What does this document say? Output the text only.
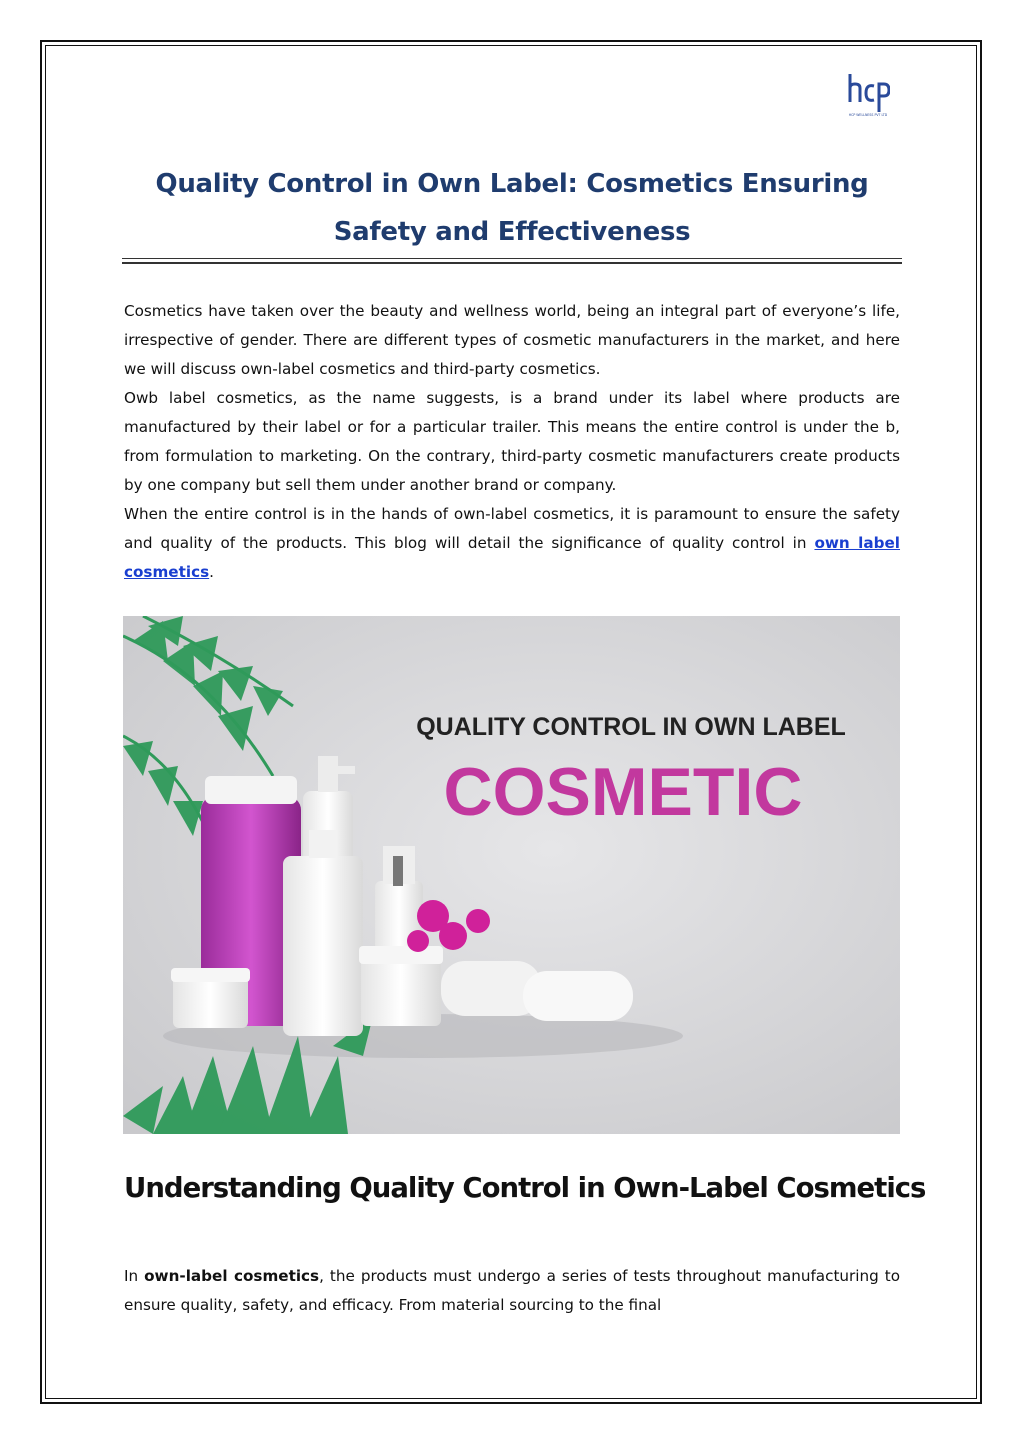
HCP WELLNESS PVT LTD
Quality Control in Own Label: Cosmetics Ensuring Safety and Effectiveness
Cosmetics have taken over the beauty and wellness world, being an integral part of everyone’s life, irrespective of gender. There are different types of cosmetic manufacturers in the market, and here we will discuss own-label cosmetics and third-party cosmetics.
Owb label cosmetics, as the name suggests, is a brand under its label where products are manufactured by their label or for a particular trailer. This means the entire control is under the b, from formulation to marketing. On the contrary, third-party cosmetic manufacturers create products by one company but sell them under another brand or company.
When the entire control is in the hands of own-label cosmetics, it is paramount to ensure the safety and quality of the products. This blog will detail the significance of quality control in own label cosmetics.
QUALITY CONTROL IN OWN LABEL
COSMETIC
Understanding Quality Control in Own-Label Cosmetics
In own-label cosmetics, the products must undergo a series of tests throughout manufacturing to ensure quality, safety, and efficacy. From material sourcing to the final
